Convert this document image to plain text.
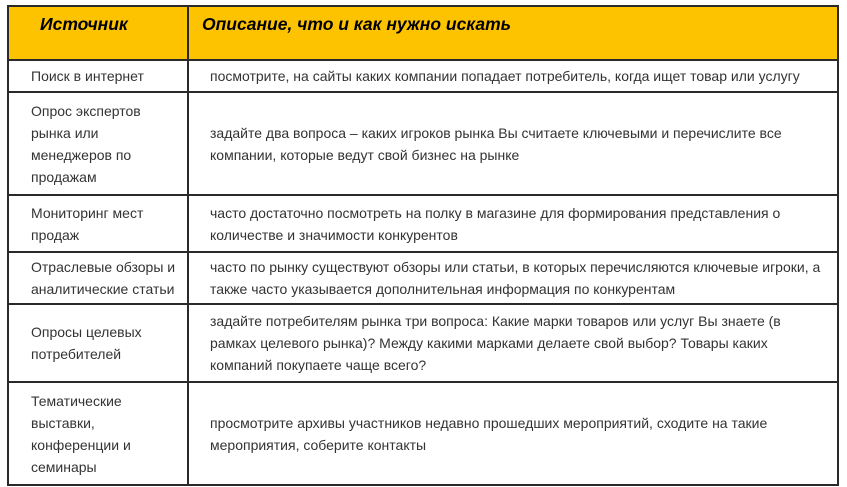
Источник	Описание, что и как нужно искать
Поиск в интернет	посмотрите, на сайты каких компании попадает потребитель, когда ищет товар или услугу
Опрос экспертов рынка или менеджеров по продажам
задайте два вопроса – каких игроков рынка Вы считаете ключевыми и перечислите все компании, которые ведут свой бизнес на рынке
Мониторинг мест продаж
часто достаточно посмотреть на полку в магазине для формирования представления о количестве и значимости конкурентов
Отраслевые обзоры и аналитические статьи
часто по рынку существуют обзоры или статьи, в которых перечисляются ключевые игроки, а также часто указывается дополнительная информация по конкурентам
Опросы целевых потребителей
задайте потребителям рынка три вопроса: Какие марки товаров или услуг Вы знаете (в рамках целевого рынка)? Между какими марками делаете свой выбор? Товары каких компаний покупаете чаще всего?
Тематические выставки, конференции и семинары
просмотрите архивы участников недавно прошедших мероприятий, сходите на такие мероприятия, соберите контакты
